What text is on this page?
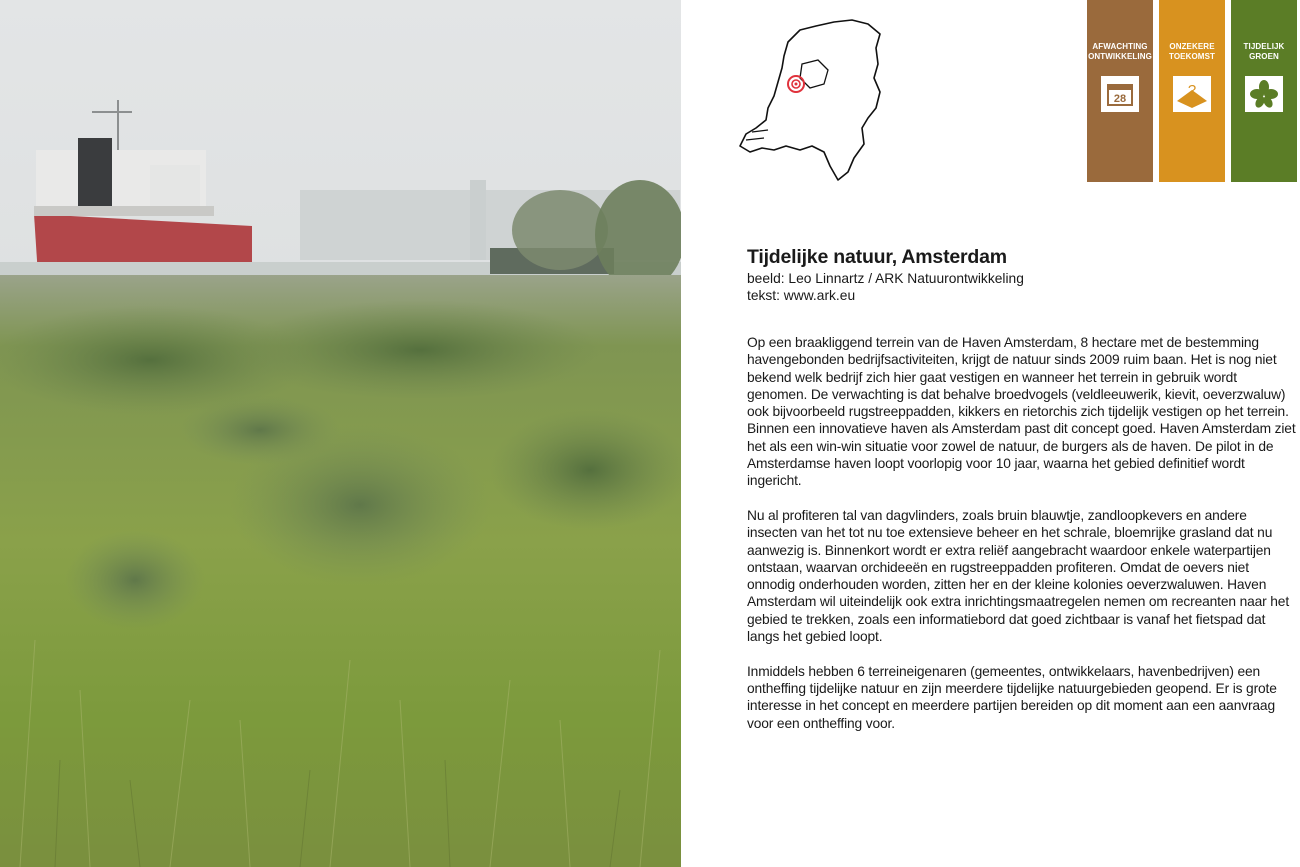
AFWACHTING
ONTWIKKELING
28
ONZEKERE
TOEKOMST
?
TIJDELIJK
GROEN
Tijdelijke natuur, Amsterdam

beeld: Leo Linnartz / ARK Natuurontwikkeling

tekst: www.ark.eu

Op een braakliggend terrein van de Haven Amsterdam, 8 hectare met de bestemming havengebonden bedrijfsactiviteiten, krijgt de natuur sinds 2009 ruim baan. Het is nog niet bekend welk bedrijf zich hier gaat vestigen en wanneer het terrein in gebruik wordt genomen. De verwachting is dat behalve broedvogels (veldleeuwerik, kievit, oeverzwaluw) ook bijvoorbeeld rugstreeppadden, kikkers en rietorchis zich tijdelijk vestigen op het terrein. Binnen een innovatieve haven als Amsterdam past dit concept goed. Haven Amsterdam ziet het als een win-win situatie voor zowel de natuur, de burgers als de haven. De pilot in de Amsterdamse haven loopt voorlopig voor 10 jaar, waarna het gebied definitief wordt ingericht.

Nu al profiteren tal van dagvlinders, zoals bruin blauwtje, zandloopkevers en andere insecten van het tot nu toe extensieve beheer en het schrale, bloemrijke grasland dat nu aanwezig is. Binnenkort wordt er extra reliëf aangebracht waardoor enkele waterpartijen ontstaan, waarvan orchideeën en rugstreeppadden profiteren. Omdat de oevers niet onnodig onderhouden worden, zitten her en der kleine kolonies oeverzwaluwen. Haven Amsterdam wil uiteindelijk ook extra inrichtingsmaatregelen nemen om recreanten naar het gebied te trekken, zoals een informatiebord dat goed zichtbaar is vanaf het fietspad dat langs het gebied loopt.

Inmiddels hebben 6 terreineigenaren (gemeentes, ontwikkelaars, havenbedrijven) een ontheffing tijdelijke natuur en zijn meerdere tijdelijke natuurgebieden geopend. Er is grote interesse in het concept en meerdere partijen bereiden op dit moment aan een aanvraag voor een ontheffing voor.
